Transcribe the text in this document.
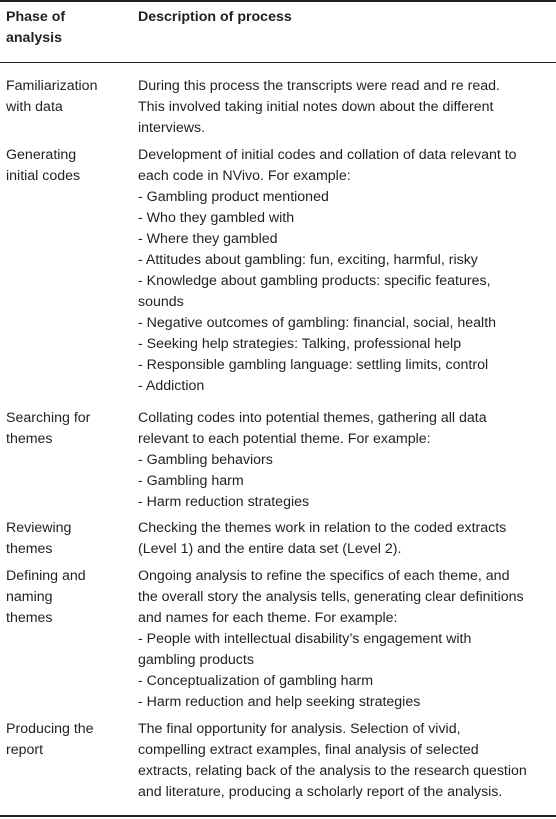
Phase of
analysis
Description of process
Familiarization
with data
During this process the transcripts were read and re read.
This involved taking initial notes down about the different
interviews.
Generating
initial codes
Development of initial codes and collation of data relevant to
each code in NVivo. For example:
- Gambling product mentioned
- Who they gambled with
- Where they gambled
- Attitudes about gambling: fun, exciting, harmful, risky
- Knowledge about gambling products: specific features,
sounds
- Negative outcomes of gambling: financial, social, health
- Seeking help strategies: Talking, professional help
- Responsible gambling language: settling limits, control
- Addiction
Searching for
themes
Collating codes into potential themes, gathering all data
relevant to each potential theme. For example:
- Gambling behaviors
- Gambling harm
- Harm reduction strategies
Reviewing
themes
Checking the themes work in relation to the coded extracts
(Level 1) and the entire data set (Level 2).
Defining and
naming
themes
Ongoing analysis to refine the specifics of each theme, and
the overall story the analysis tells, generating clear definitions
and names for each theme. For example:
- People with intellectual disability’s engagement with
gambling products
- Conceptualization of gambling harm
- Harm reduction and help seeking strategies
Producing the
report
The final opportunity for analysis. Selection of vivid,
compelling extract examples, final analysis of selected
extracts, relating back of the analysis to the research question
and literature, producing a scholarly report of the analysis.
